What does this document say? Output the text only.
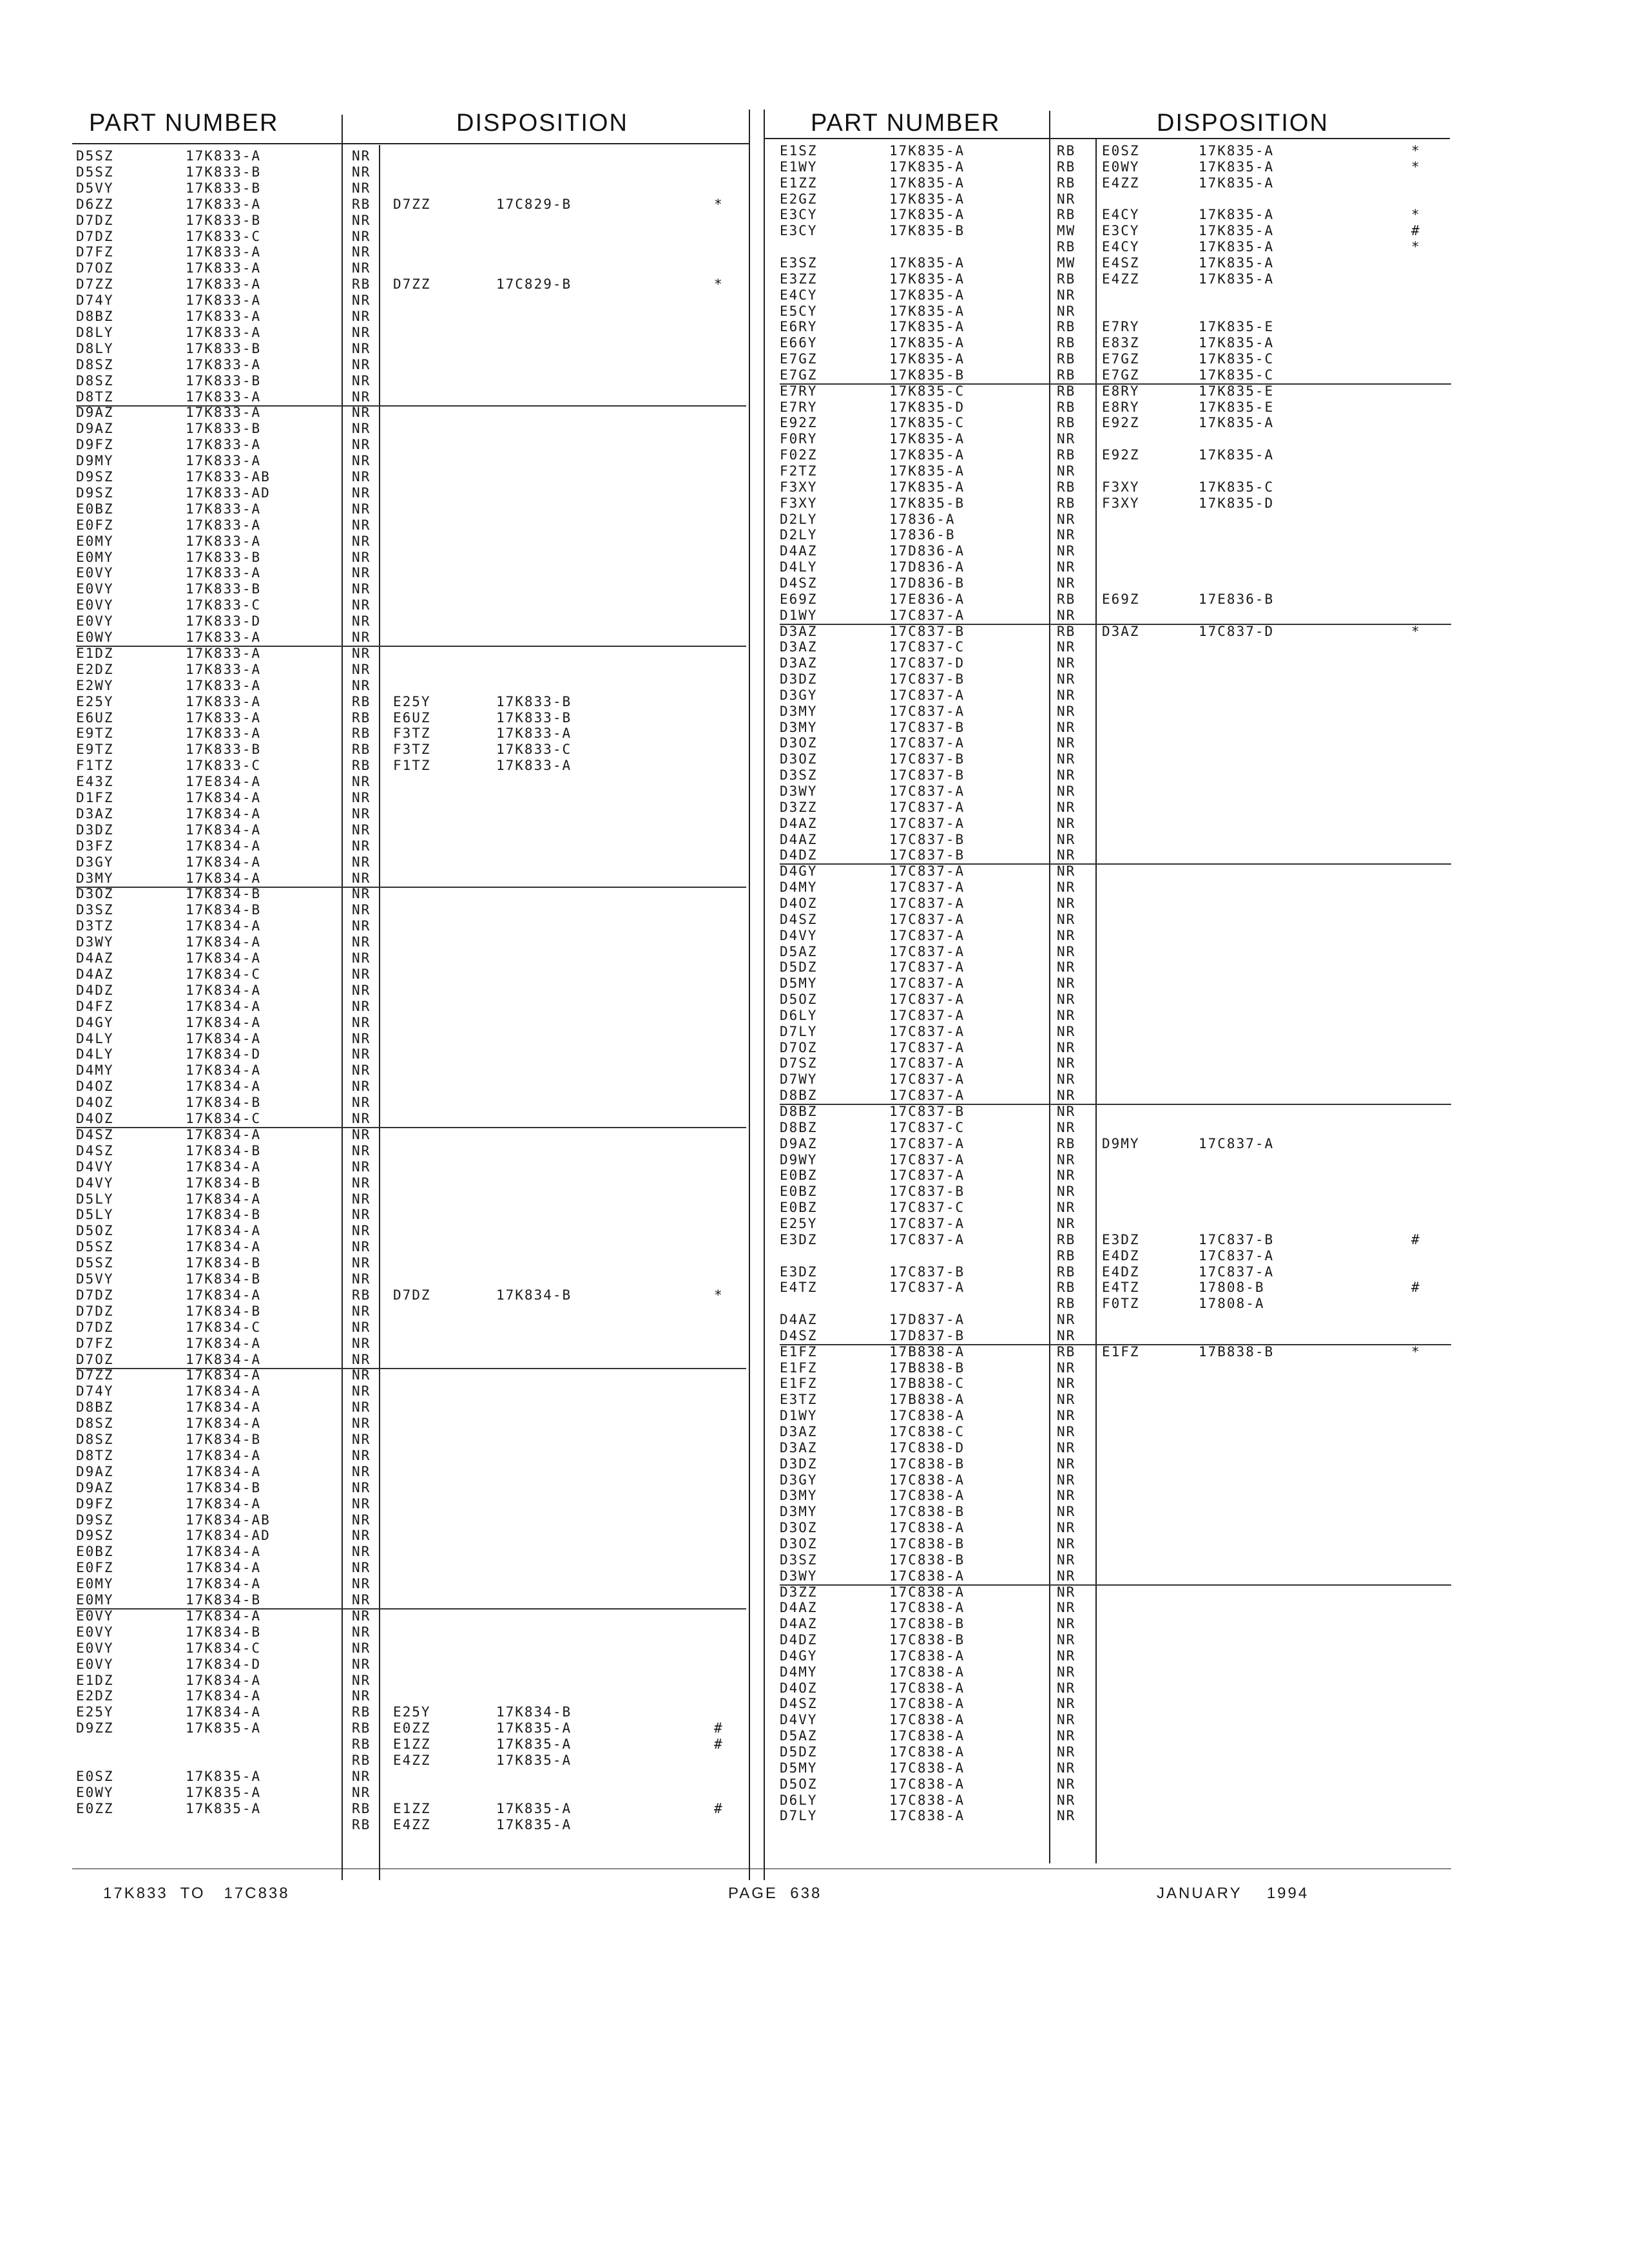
PART NUMBER	DISPOSITION	PART NUMBER	DISPOSITION
D5SZ	17K833-A	NR
D5SZ	17K833-B	NR
D5VY	17K833-B	NR
D6ZZ	17K833-A	RB D7ZZ	17C829-B	*
D7DZ	17K833-B	NR
D7DZ	17K833-C	NR
D7FZ	17K833-A	NR
D7OZ	17K833-A	NR
D7ZZ	17K833-A	RB D7ZZ	17C829-B	*
D74Y	17K833-A	NR
D8BZ	17K833-A	NR
D8LY	17K833-A	NR
D8LY	17K833-B	NR
D8SZ	17K833-A	NR
D8SZ	17K833-B	NR
D8TZ	17K833-A	NR
D9AZ	17K833-A	NR
D9AZ	17K833-B	NR
D9FZ	17K833-A	NR
D9MY	17K833-A	NR
D9SZ	17K833-AB	NR
D9SZ	17K833-AD	NR
E0BZ	17K833-A	NR
E0FZ	17K833-A	NR
E0MY	17K833-A	NR
E0MY	17K833-B	NR
E0VY	17K833-A	NR
E0VY	17K833-B	NR
E0VY	17K833-C	NR
E0VY	17K833-D	NR
E0WY	17K833-A	NR
E1DZ	17K833-A	NR
E2DZ	17K833-A	NR
E2WY	17K833-A	NR
E25Y	17K833-A	RB E25Y	17K833-B
E6UZ	17K833-A	RB E6UZ	17K833-B
E9TZ	17K833-A	RB F3TZ	17K833-A
E9TZ	17K833-B	RB F3TZ	17K833-C
F1TZ	17K833-C	RB F1TZ	17K833-A
E43Z	17E834-A	NR
D1FZ	17K834-A	NR
D3AZ	17K834-A	NR
D3DZ	17K834-A	NR
D3FZ	17K834-A	NR
D3GY	17K834-A	NR
D3MY	17K834-A	NR
D3OZ	17K834-B	NR
D3SZ	17K834-B	NR
D3TZ	17K834-A	NR
D3WY	17K834-A	NR
D4AZ	17K834-A	NR
D4AZ	17K834-C	NR
D4DZ	17K834-A	NR
D4FZ	17K834-A	NR
D4GY	17K834-A	NR
D4LY	17K834-A	NR
D4LY	17K834-D	NR
D4MY	17K834-A	NR
D4OZ	17K834-A	NR
D4OZ	17K834-B	NR
D4OZ	17K834-C	NR
D4SZ	17K834-A	NR
D4SZ	17K834-B	NR
D4VY	17K834-A	NR
D4VY	17K834-B	NR
D5LY	17K834-A	NR
D5LY	17K834-B	NR
D5OZ	17K834-A	NR
D5SZ	17K834-A	NR
D5SZ	17K834-B	NR
D5VY	17K834-B	NR
D7DZ	17K834-A	RB D7DZ	17K834-B	*
D7DZ	17K834-B	NR
D7DZ	17K834-C	NR
D7FZ	17K834-A	NR
D7OZ	17K834-A	NR
D7ZZ	17K834-A	NR
D74Y	17K834-A	NR
D8BZ	17K834-A	NR
D8SZ	17K834-A	NR
D8SZ	17K834-B	NR
D8TZ	17K834-A	NR
D9AZ	17K834-A	NR
D9AZ	17K834-B	NR
D9FZ	17K834-A	NR
D9SZ	17K834-AB	NR
D9SZ	17K834-AD	NR
E0BZ	17K834-A	NR
E0FZ	17K834-A	NR
E0MY	17K834-A	NR
E0MY	17K834-B	NR
E0VY	17K834-A	NR
E0VY	17K834-B	NR
E0VY	17K834-C	NR
E0VY	17K834-D	NR
E1DZ	17K834-A	NR
E2DZ	17K834-A	NR
E25Y	17K834-A	RB E25Y	17K834-B
D9ZZ	17K835-A	RB E0ZZ	17K835-A	#
RB E1ZZ	17K835-A	#
RB E4ZZ	17K835-A
E0SZ	17K835-A	NR
E0WY	17K835-A	NR
E0ZZ	17K835-A	RB E1ZZ	17K835-A	#
RB E4ZZ	17K835-A
E1SZ	17K835-A	RB E0SZ	17K835-A	*
E1WY	17K835-A	RB E0WY	17K835-A	*
E1ZZ	17K835-A	RB E4ZZ	17K835-A
E2GZ	17K835-A	NR
E3CY	17K835-A	RB E4CY	17K835-A	*
E3CY	17K835-B	MW E3CY	17K835-A	#
RB E4CY	17K835-A	*
E3SZ	17K835-A	MW E4SZ	17K835-A
E3ZZ	17K835-A	RB E4ZZ	17K835-A
E4CY	17K835-A	NR
E5CY	17K835-A	NR
E6RY	17K835-A	RB E7RY	17K835-E
E66Y	17K835-A	RB E83Z	17K835-A
E7GZ	17K835-A	RB E7GZ	17K835-C
E7GZ	17K835-B	RB E7GZ	17K835-C
E7RY	17K835-C	RB E8RY	17K835-E
E7RY	17K835-D	RB E8RY	17K835-E
E92Z	17K835-C	RB E92Z	17K835-A
F0RY	17K835-A	NR
F02Z	17K835-A	RB E92Z	17K835-A
F2TZ	17K835-A	NR
F3XY	17K835-A	RB F3XY	17K835-C
F3XY	17K835-B	RB F3XY	17K835-D
D2LY	17836-A	NR
D2LY	17836-B	NR
D4AZ	17D836-A	NR
D4LY	17D836-A	NR
D4SZ	17D836-B	NR
E69Z	17E836-A	RB E69Z	17E836-B
D1WY	17C837-A	NR
D3AZ	17C837-B	RB D3AZ	17C837-D	*
D3AZ	17C837-C	NR
D3AZ	17C837-D	NR
D3DZ	17C837-B	NR
D3GY	17C837-A	NR
D3MY	17C837-A	NR
D3MY	17C837-B	NR
D3OZ	17C837-A	NR
D3OZ	17C837-B	NR
D3SZ	17C837-B	NR
D3WY	17C837-A	NR
D3ZZ	17C837-A	NR
D4AZ	17C837-A	NR
D4AZ	17C837-B	NR
D4DZ	17C837-B	NR
D4GY	17C837-A	NR
D4MY	17C837-A	NR
D4OZ	17C837-A	NR
D4SZ	17C837-A	NR
D4VY	17C837-A	NR
D5AZ	17C837-A	NR
D5DZ	17C837-A	NR
D5MY	17C837-A	NR
D5OZ	17C837-A	NR
D6LY	17C837-A	NR
D7LY	17C837-A	NR
D7OZ	17C837-A	NR
D7SZ	17C837-A	NR
D7WY	17C837-A	NR
D8BZ	17C837-A	NR
D8BZ	17C837-B	NR
D8BZ	17C837-C	NR
D9AZ	17C837-A	RB D9MY	17C837-A
D9WY	17C837-A	NR
E0BZ	17C837-A	NR
E0BZ	17C837-B	NR
E0BZ	17C837-C	NR
E25Y	17C837-A	NR
E3DZ	17C837-A	RB E3DZ	17C837-B	#
RB E4DZ	17C837-A
E3DZ	17C837-B	RB E4DZ	17C837-A
E4TZ	17C837-A	RB E4TZ	17808-B	#
RB F0TZ	17808-A
D4AZ	17D837-A	NR
D4SZ	17D837-B	NR
E1FZ	17B838-A	RB E1FZ	17B838-B	*
E1FZ	17B838-B	NR
E1FZ	17B838-C	NR
E3TZ	17B838-A	NR
D1WY	17C838-A	NR
D3AZ	17C838-C	NR
D3AZ	17C838-D	NR
D3DZ	17C838-B	NR
D3GY	17C838-A	NR
D3MY	17C838-A	NR
D3MY	17C838-B	NR
D3OZ	17C838-A	NR
D3OZ	17C838-B	NR
D3SZ	17C838-B	NR
D3WY	17C838-A	NR
D3ZZ	17C838-A	NR
D4AZ	17C838-A	NR
D4AZ	17C838-B	NR
D4DZ	17C838-B	NR
D4GY	17C838-A	NR
D4MY	17C838-A	NR
D4OZ	17C838-A	NR
D4SZ	17C838-A	NR
D4VY	17C838-A	NR
D5AZ	17C838-A	NR
D5DZ	17C838-A	NR
D5MY	17C838-A	NR
D5OZ	17C838-A	NR
D6LY	17C838-A	NR
D7LY	17C838-A	NR
17K833  TO   17C838	PAGE  638	JANUARY    1994
